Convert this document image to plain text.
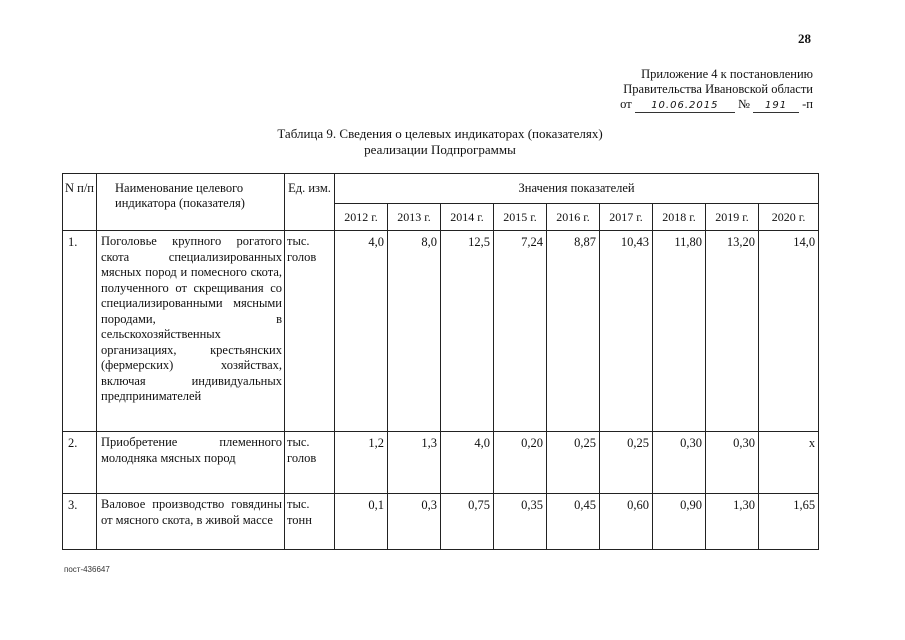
28
Приложение 4 к постановлению
Правительства Ивановской области
от 10.06.2015 № 191 -п
Таблица 9. Сведения о целевых индикаторах (показателях)
реализации Подпрограммы
N п/п	Наименование целевого индикатора (показателя)	Ед. изм.	Значения показателей								
			2012 г.	2013 г.	2014 г.	2015 г.	2016 г.	2017 г.	2018 г.	2019 г.	2020 г.
1.	Поголовье крупного рогатого скота специализированных мясных пород и помесного скота, полученного от скрещивания со специализированными мясными породами, в сельскохозяйственных организациях, крестьянских (фермерских) хозяйствах, включая индивидуальных предпринимателей	тыс. голов	4,0	8,0	12,5	7,24	8,87	10,43	11,80	13,20	14,0
2.	Приобретение племенного молодняка мясных пород	тыс. голов	1,2	1,3	4,0	0,20	0,25	0,25	0,30	0,30	x
3.	Валовое производство говядины от мясного скота, в живой массе	тыс. тонн	0,1	0,3	0,75	0,35	0,45	0,60	0,90	1,30	1,65
пост-436647
